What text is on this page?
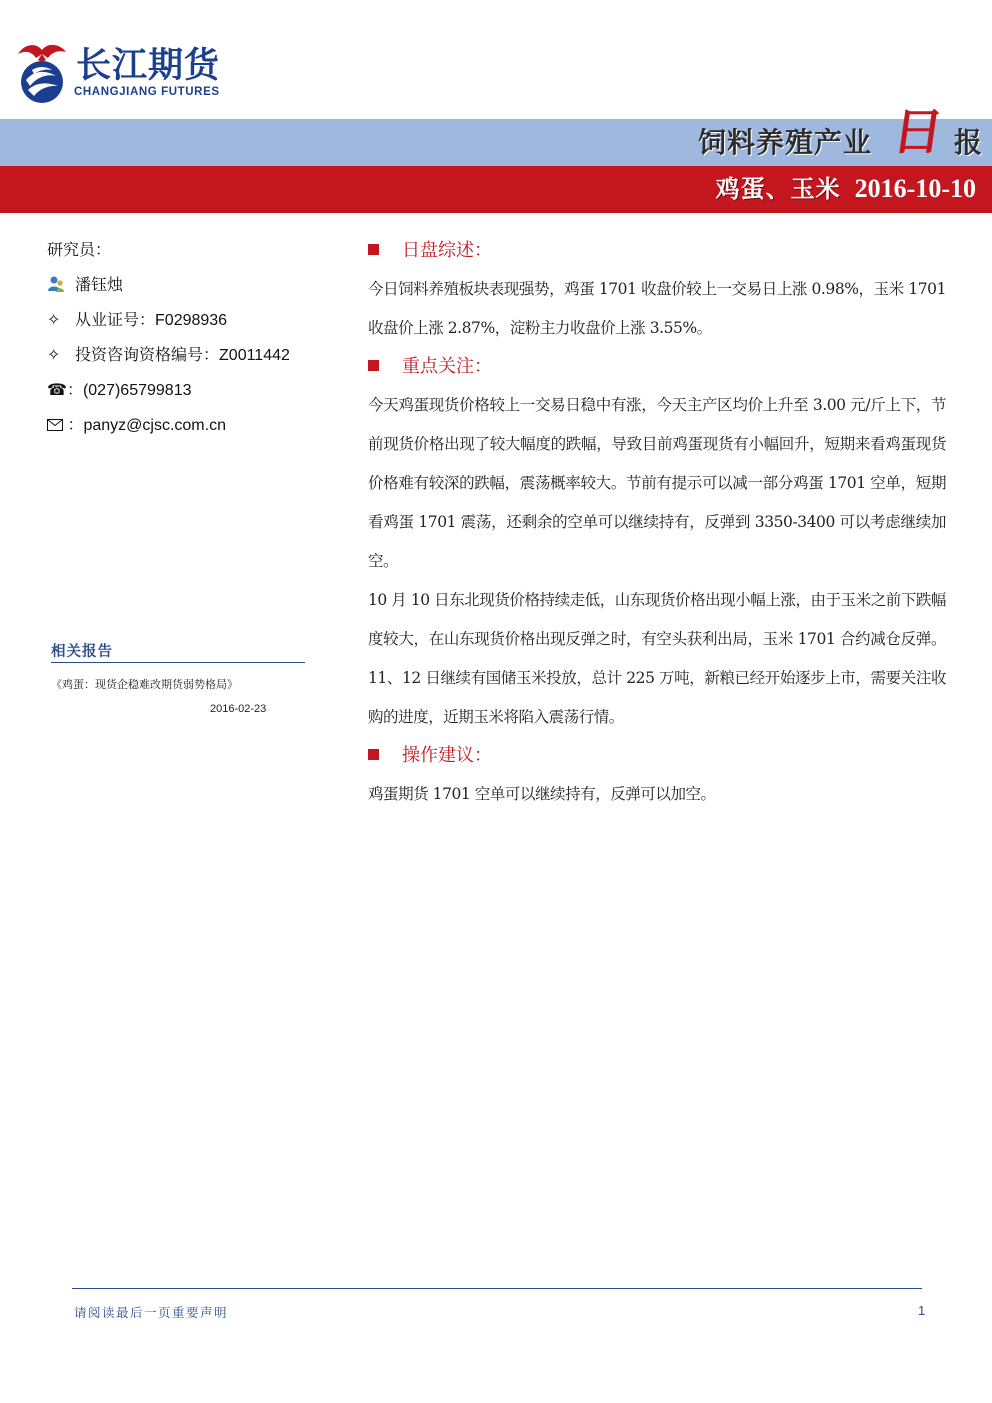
长江期货
CHANGJIANG FUTURES
饲料养殖产业 日 报
鸡蛋、玉米 2016-10-10
研究员：
潘钰烛
✧ 从业证号：F0298936
✧ 投资咨询资格编号：Z0011442
☎：(027)65799813
：panyz@cjsc.com.cn
相关报告
《鸡蛋：现货企稳难改期货弱势格局》
2016-02-23
日盘综述：

今日饲料养殖板块表现强势，鸡蛋 1701 收盘价较上一交易日上涨 0.98%，玉米 1701 收盘价上涨 2.87%，淀粉主力收盘价上涨 3.55%。

重点关注：

今天鸡蛋现货价格较上一交易日稳中有涨，今天主产区均价上升至 3.00 元/斤上下，节前现货价格出现了较大幅度的跌幅，导致目前鸡蛋现货有小幅回升，短期来看鸡蛋现货价格难有较深的跌幅，震荡概率较大。节前有提示可以减一部分鸡蛋 1701 空单，短期看鸡蛋 1701 震荡，还剩余的空单可以继续持有，反弹到 3350-3400 可以考虑继续加空。

10 月 10 日东北现货价格持续走低，山东现货价格出现小幅上涨，由于玉米之前下跌幅度较大，在山东现货价格出现反弹之时，有空头获利出局，玉米 1701 合约减仓反弹。11、12 日继续有国储玉米投放，总计 225 万吨，新粮已经开始逐步上市，需要关注收购的进度，近期玉米将陷入震荡行情。

操作建议：

鸡蛋期货 1701 空单可以继续持有，反弹可以加空。

请阅读最后一页重要声明	1
